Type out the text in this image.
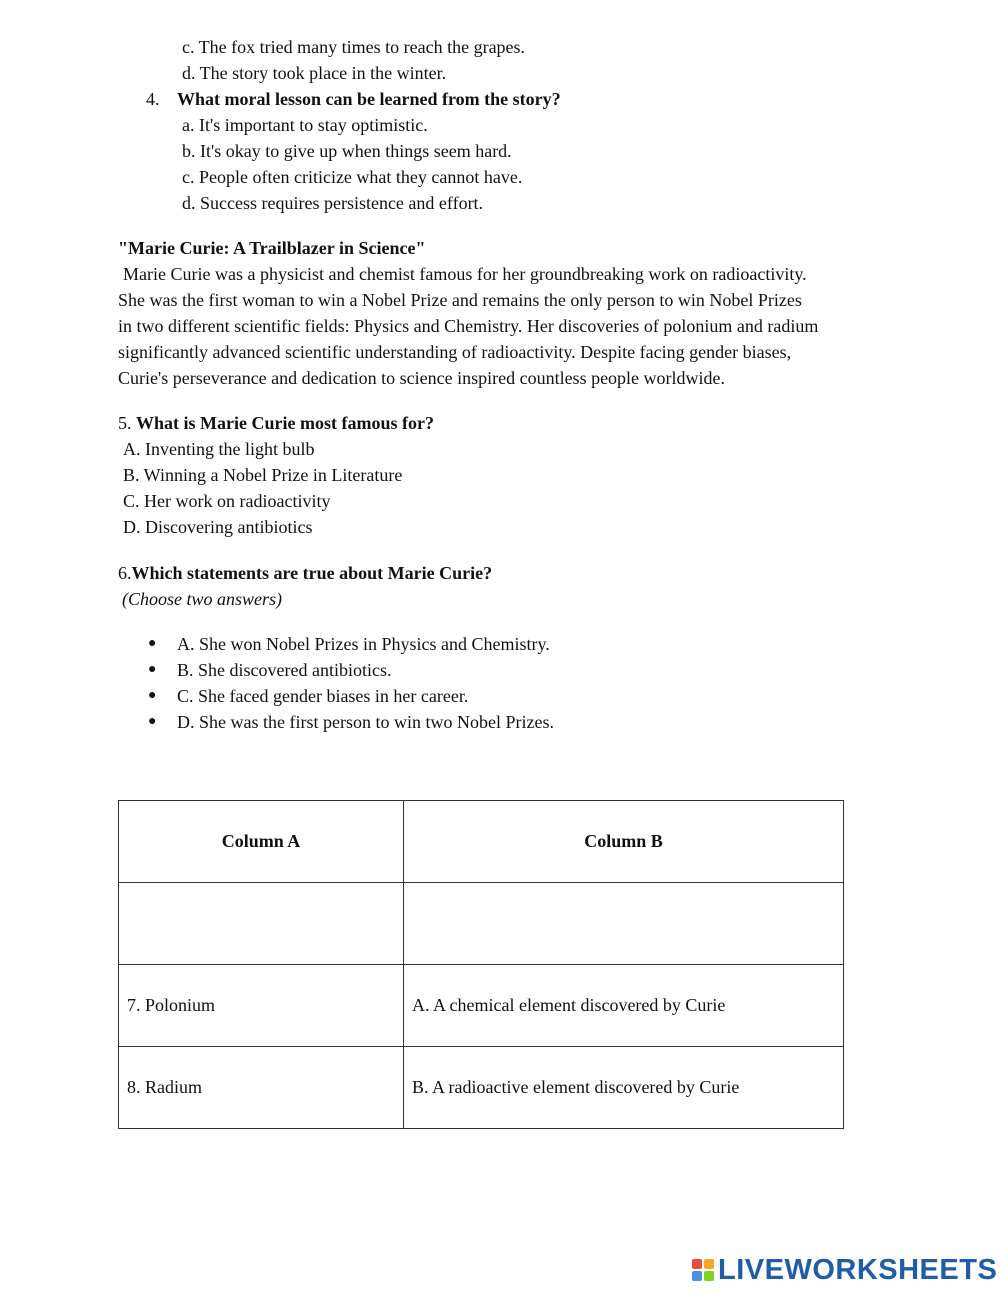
c. The fox tried many times to reach the grapes.
d. The story took place in the winter.
4. What moral lesson can be learned from the story?
a. It's important to stay optimistic.
b. It's okay to give up when things seem hard.
c. People often criticize what they cannot have.
d. Success requires persistence and effort.
"Marie Curie: A Trailblazer in Science"
Marie Curie was a physicist and chemist famous for her groundbreaking work on radioactivity.
She was the first woman to win a Nobel Prize and remains the only person to win Nobel Prizes
in two different scientific fields: Physics and Chemistry. Her discoveries of polonium and radium
significantly advanced scientific understanding of radioactivity. Despite facing gender biases,
Curie's perseverance and dedication to science inspired countless people worldwide.
5. What is Marie Curie most famous for?
A. Inventing the light bulb
B. Winning a Nobel Prize in Literature
C. Her work on radioactivity
D. Discovering antibiotics
6.Which statements are true about Marie Curie?
(Choose two answers)
● A. She won Nobel Prizes in Physics and Chemistry.
● B. She discovered antibiotics.
● C. She faced gender biases in her career.
● D. She was the first person to win two Nobel Prizes.
Column A	Column B

7. Polonium	A. A chemical element discovered by Curie
8. Radium	B. A radioactive element discovered by Curie
LIVEWORKSHEETS
